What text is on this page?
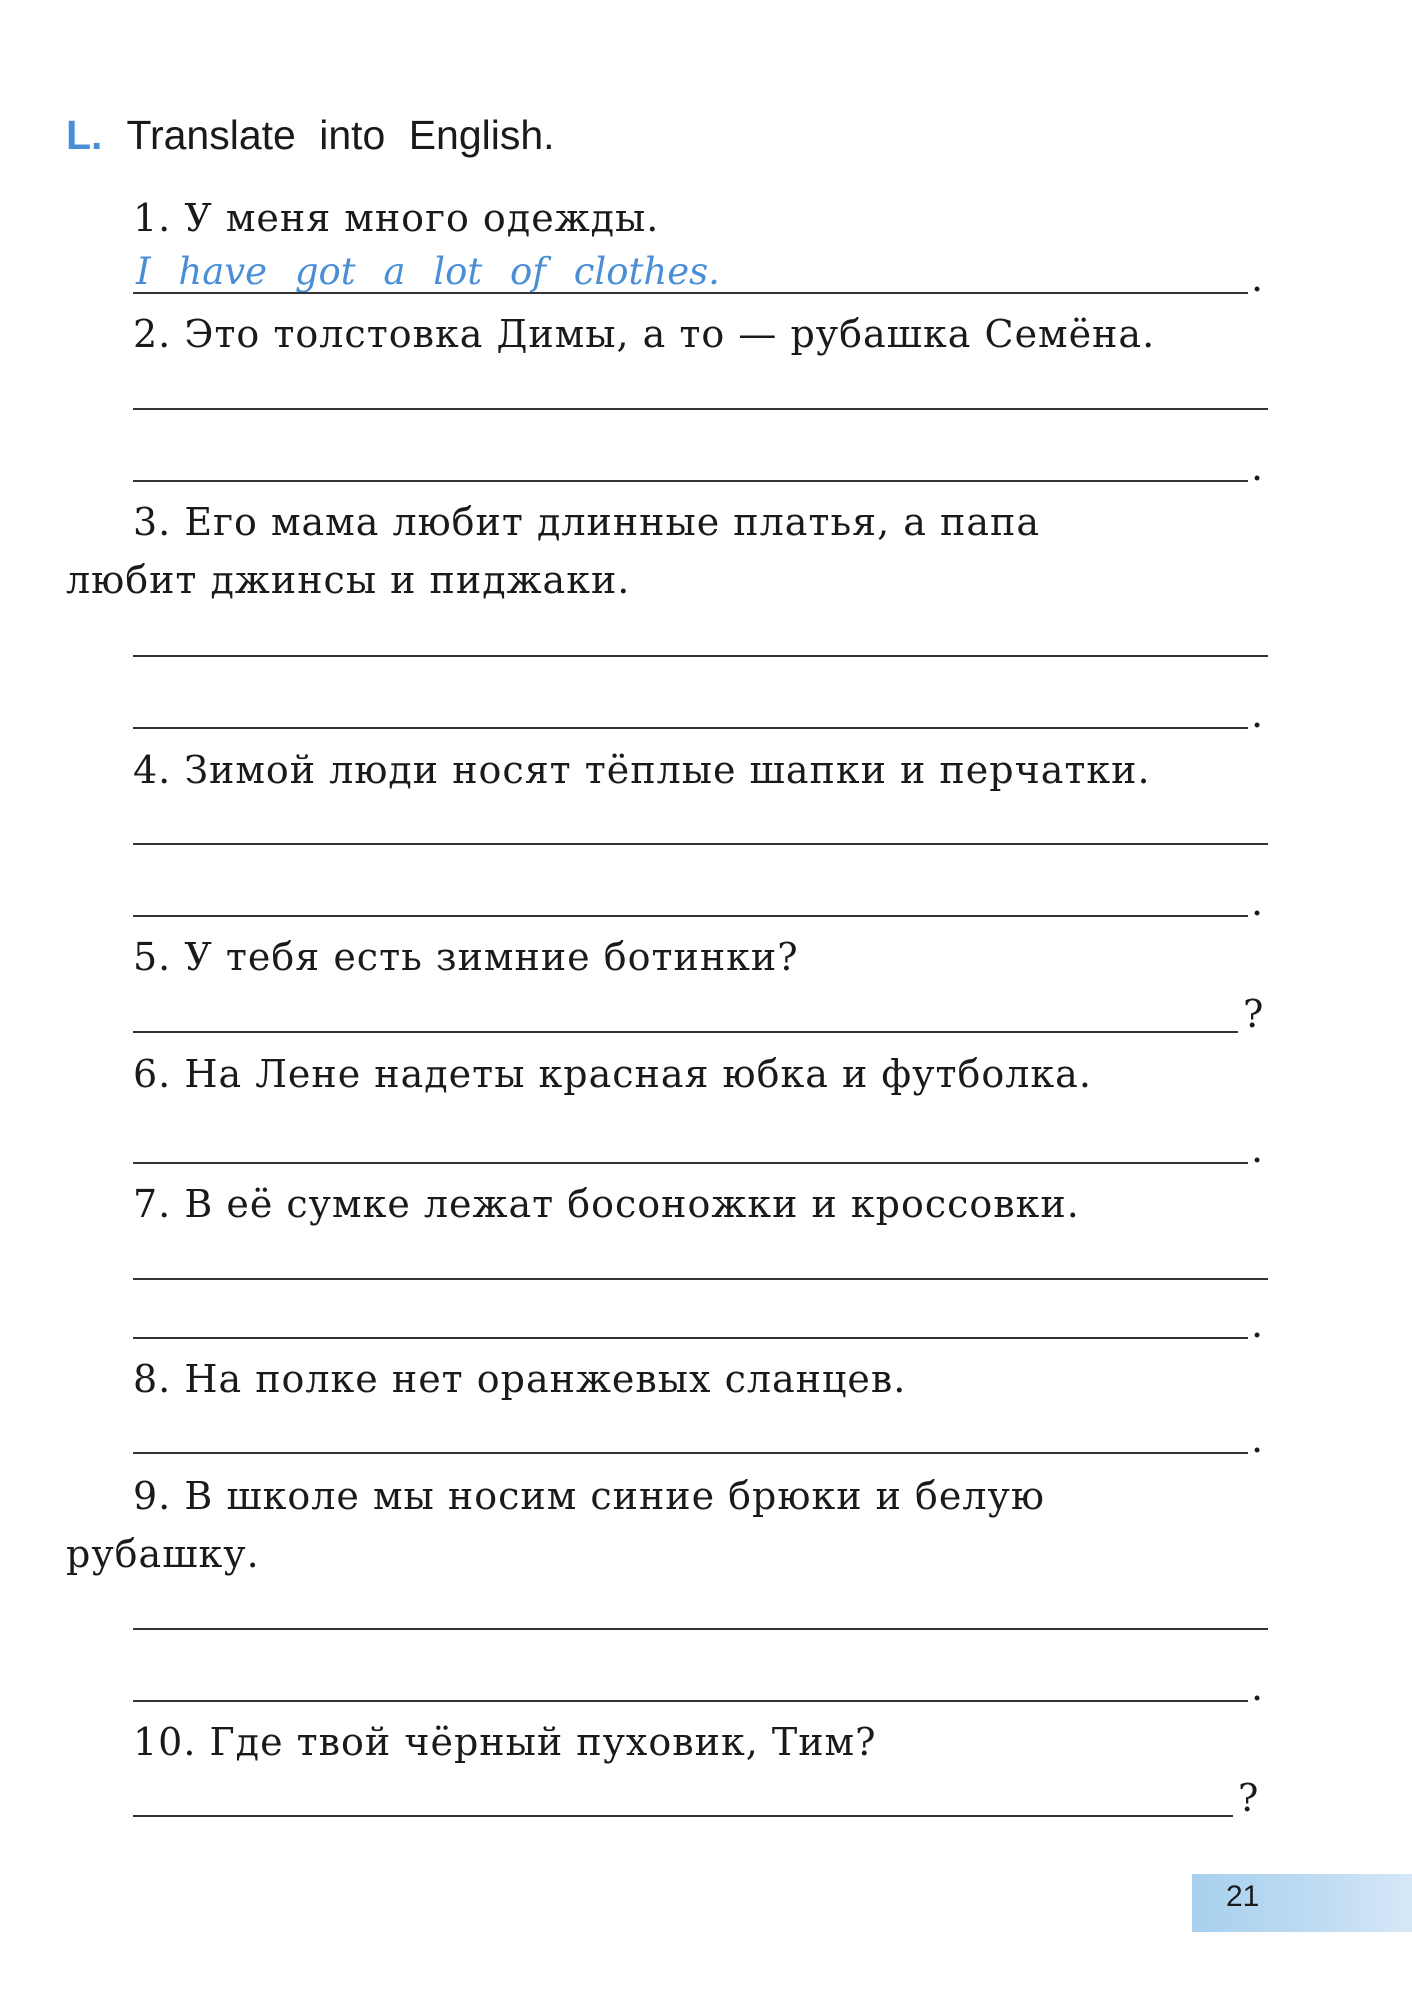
L. Translate into English.
1. У меня много одежды.
I have got a lot of clothes.	.
2. Это толстовка Димы, а то — рубашка Семёна.
.
3. Его мама любит длинные платья, а папа
любит джинсы и пиджаки.
.
4. Зимой люди носят тёплые шапки и перчатки.
.
5. У тебя есть зимние ботинки?
?
6. На Лене надеты красная юбка и футболка.
.
7. В её сумке лежат босоножки и кроссовки.
.
8. На полке нет оранжевых сланцев.
.
9. В школе мы носим синие брюки и белую
рубашку.
.
10. Где твой чёрный пуховик, Тим?
?
21
